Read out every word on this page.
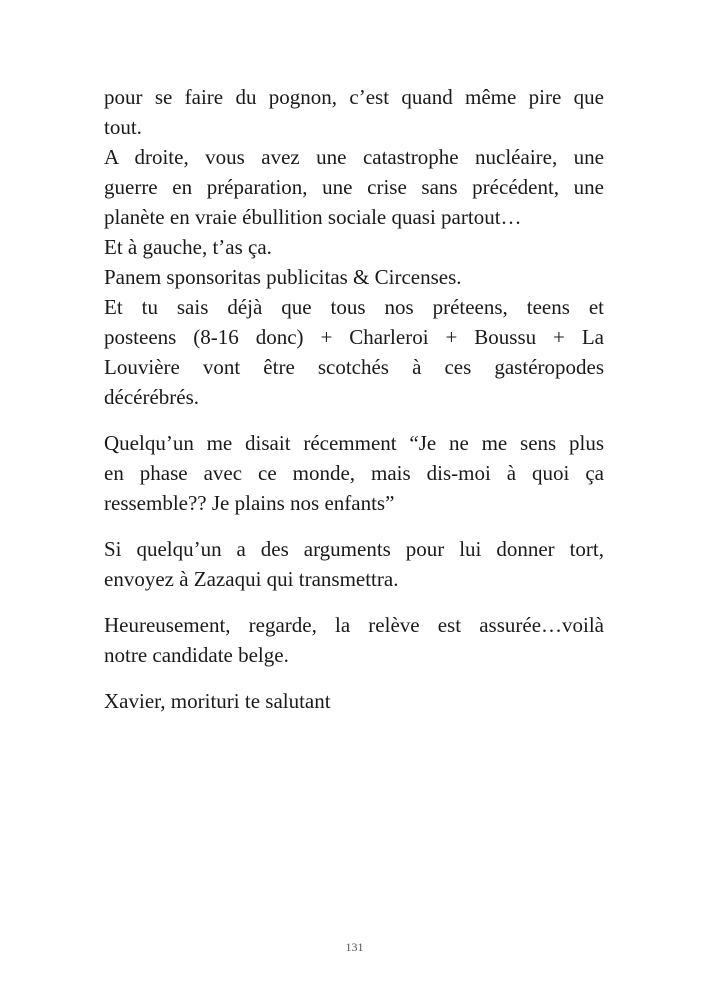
pour se faire du pognon, c’est quand même pire que
tout.
A droite, vous avez une catastrophe nucléaire, une
guerre en préparation, une crise sans précédent, une
planète en vraie ébullition sociale quasi partout…
Et à gauche, t’as ça.
Panem sponsoritas publicitas & Circenses.
Et tu sais déjà que tous nos préteens, teens et
posteens (8-16 donc) + Charleroi + Boussu + La
Louvière vont être scotchés à ces gastéropodes
décérébrés.
Quelqu’un me disait récemment “Je ne me sens plus
en phase avec ce monde, mais dis-moi à quoi ça
ressemble?? Je plains nos enfants”
Si quelqu’un a des arguments pour lui donner tort,
envoyez à Zazaqui qui transmettra.
Heureusement, regarde, la relève est assurée…voilà
notre candidate belge.
Xavier, morituri te salutant
131
